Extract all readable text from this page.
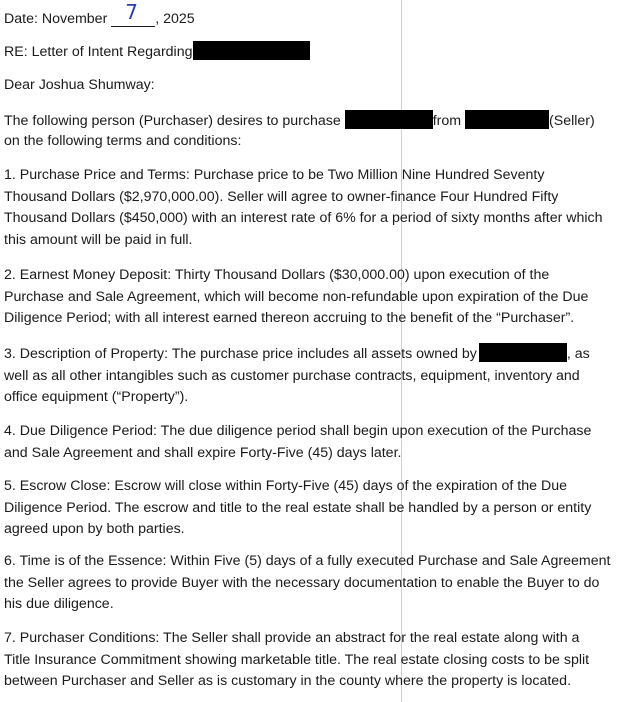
Date: November 7 , 2025
RE: Letter of Intent Regarding
Dear Joshua Shumway:
The following person (Purchaser) desires to purchase	from	(Seller)
on the following terms and conditions:
1. Purchase Price and Terms: Purchase price to be Two Million Nine Hundred Seventy
Thousand Dollars ($2,970,000.00). Seller will agree to owner-finance Four Hundred Fifty
Thousand Dollars ($450,000) with an interest rate of 6% for a period of sixty months after which
this amount will be paid in full.
2. Earnest Money Deposit: Thirty Thousand Dollars ($30,000.00) upon execution of the
Purchase and Sale Agreement, which will become non-refundable upon expiration of the Due
Diligence Period; with all interest earned thereon accruing to the benefit of the “Purchaser”.
3. Description of Property: The purchase price includes all assets owned by	, as
well as all other intangibles such as customer purchase contracts, equipment, inventory and
office equipment (“Property”).
4. Due Diligence Period: The due diligence period shall begin upon execution of the Purchase
and Sale Agreement and shall expire Forty-Five (45) days later.
5. Escrow Close: Escrow will close within Forty-Five (45) days of the expiration of the Due
Diligence Period. The escrow and title to the real estate shall be handled by a person or entity
agreed upon by both parties.
6. Time is of the Essence: Within Five (5) days of a fully executed Purchase and Sale Agreement
the Seller agrees to provide Buyer with the necessary documentation to enable the Buyer to do
his due diligence.
7. Purchaser Conditions: The Seller shall provide an abstract for the real estate along with a
Title Insurance Commitment showing marketable title. The real estate closing costs to be split
between Purchaser and Seller as is customary in the county where the property is located.
